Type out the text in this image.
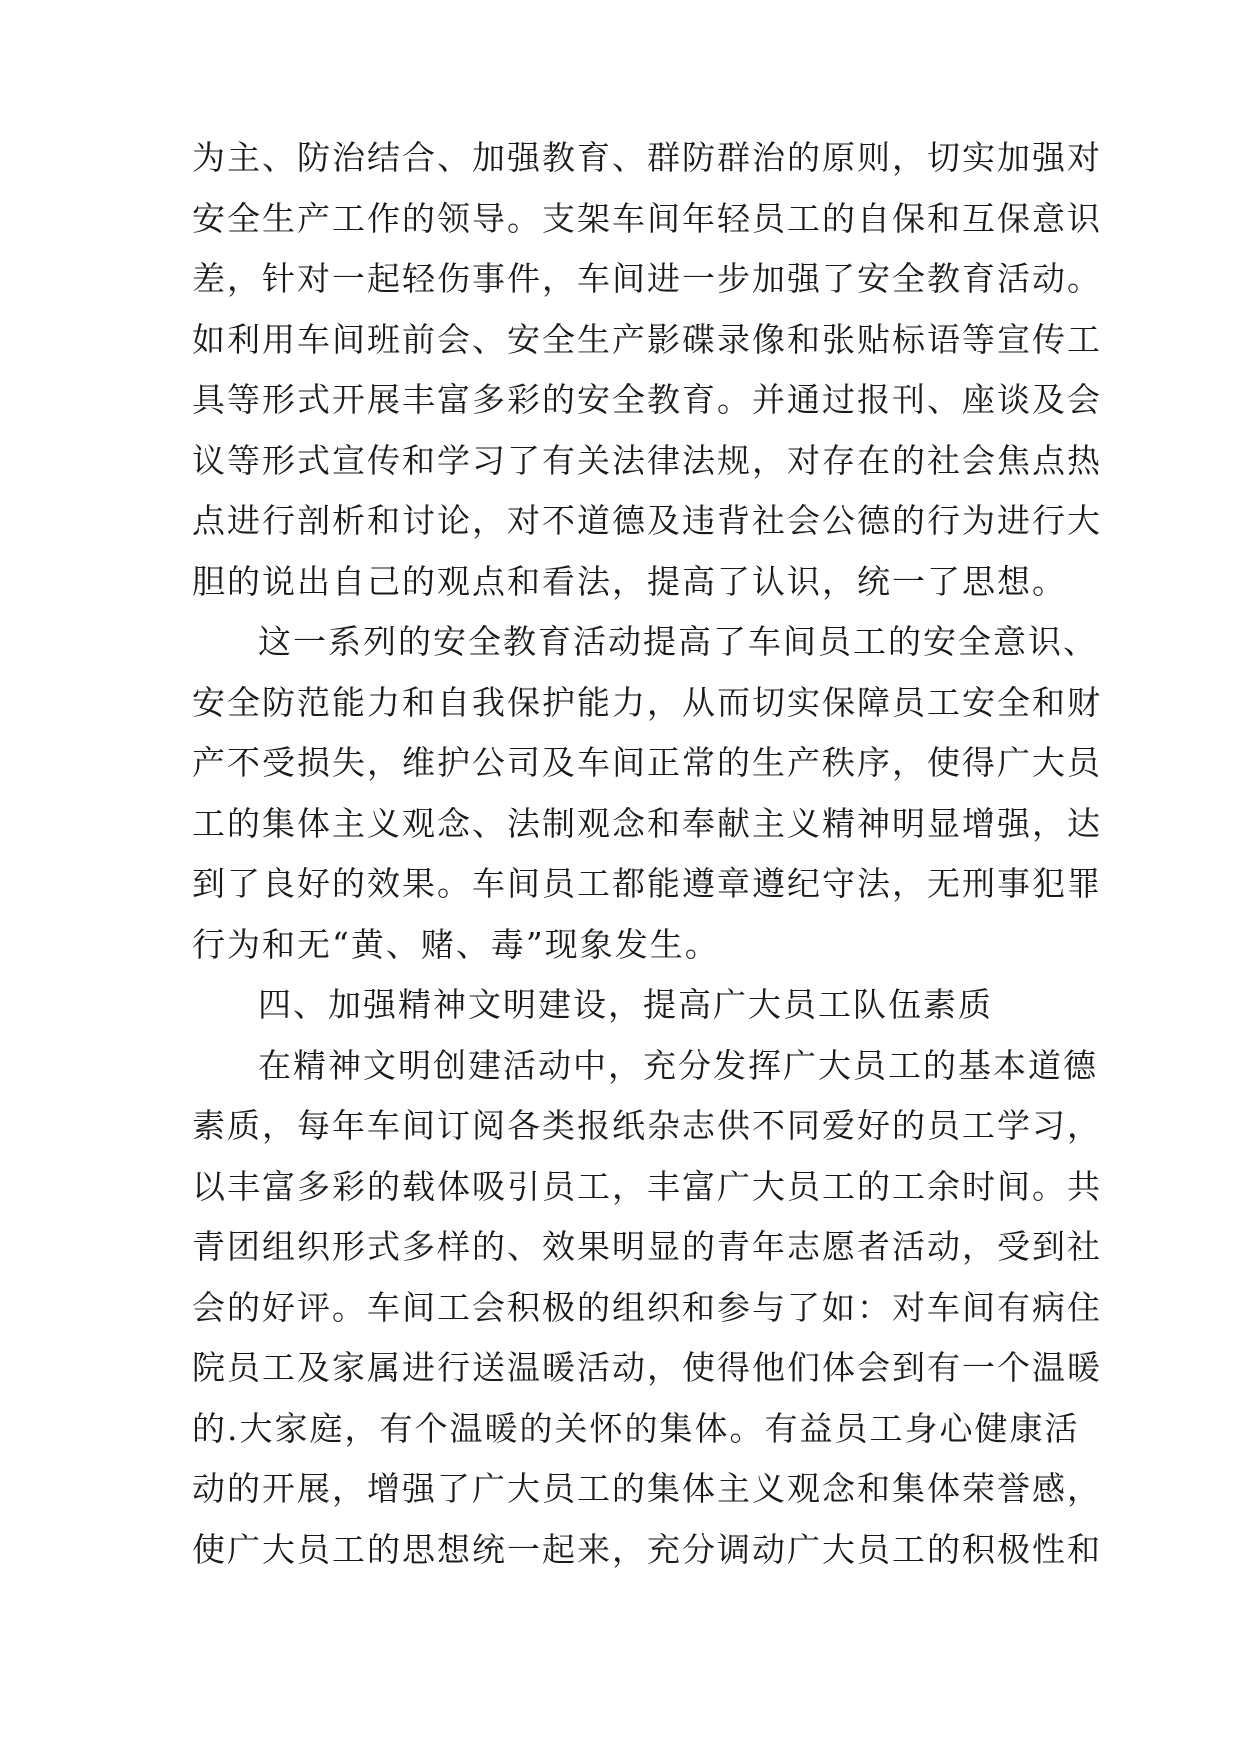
为主、防治结合、加强教育、群防群治的原则，切实加强对
安全生产工作的领导。支架车间年轻员工的自保和互保意识
差，针对一起轻伤事件，车间进一步加强了安全教育活动。
如利用车间班前会、安全生产影碟录像和张贴标语等宣传工
具等形式开展丰富多彩的安全教育。并通过报刊、座谈及会
议等形式宣传和学习了有关法律法规，对存在的社会焦点热
点进行剖析和讨论，对不道德及违背社会公德的行为进行大
胆的说出自己的观点和看法，提高了认识，统一了思想。
这一系列的安全教育活动提高了车间员工的安全意识、
安全防范能力和自我保护能力，从而切实保障员工安全和财
产不受损失，维护公司及车间正常的生产秩序，使得广大员
工的集体主义观念、法制观念和奉献主义精神明显增强，达
到了良好的效果。车间员工都能遵章遵纪守法，无刑事犯罪
行为和无“黄、赌、毒”现象发生。
四、加强精神文明建设，提高广大员工队伍素质
在精神文明创建活动中，充分发挥广大员工的基本道德
素质，每年车间订阅各类报纸杂志供不同爱好的员工学习，
以丰富多彩的载体吸引员工，丰富广大员工的工余时间。共
青团组织形式多样的、效果明显的青年志愿者活动，受到社
会的好评。车间工会积极的组织和参与了如：对车间有病住
院员工及家属进行送温暖活动，使得他们体会到有一个温暖
的.大家庭，有个温暖的关怀的集体。有益员工身心健康活
动的开展，增强了广大员工的集体主义观念和集体荣誉感，
使广大员工的思想统一起来，充分调动广大员工的积极性和
